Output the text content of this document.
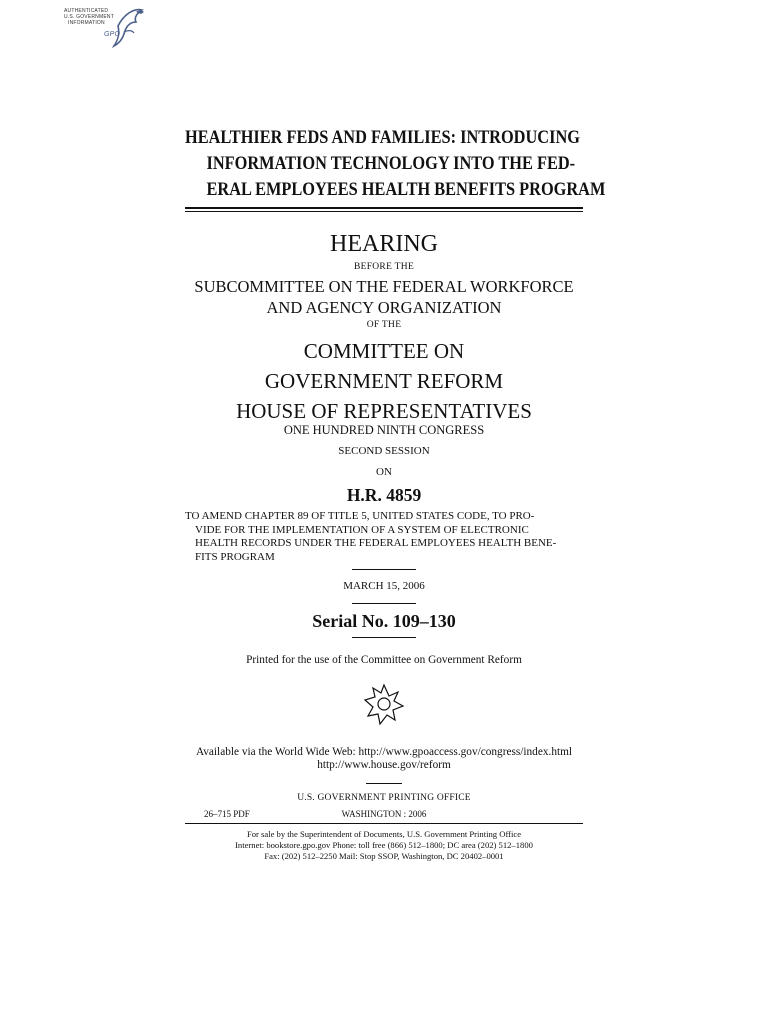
AUTHENTICATED
U.S. GOVERNMENT
INFORMATION
GPO
HEALTHIER FEDS AND FAMILIES: INTRODUCING
INFORMATION TECHNOLOGY INTO THE FED-
ERAL EMPLOYEES HEALTH BENEFITS PROGRAM
HEARING
BEFORE THE
SUBCOMMITTEE ON THE FEDERAL WORKFORCE
AND AGENCY ORGANIZATION
OF THE
COMMITTEE ON
GOVERNMENT REFORM
HOUSE OF REPRESENTATIVES
ONE HUNDRED NINTH CONGRESS
SECOND SESSION
ON
H.R. 4859
TO AMEND CHAPTER 89 OF TITLE 5, UNITED STATES CODE, TO PRO-
VIDE FOR THE IMPLEMENTATION OF A SYSTEM OF ELECTRONIC
HEALTH RECORDS UNDER THE FEDERAL EMPLOYEES HEALTH BENE-
FITS PROGRAM
MARCH 15, 2006
Serial No. 109–130
Printed for the use of the Committee on Government Reform
Available via the World Wide Web: http://www.gpoaccess.gov/congress/index.html
http://www.house.gov/reform
U.S. GOVERNMENT PRINTING OFFICE
26–715 PDF	WASHINGTON : 2006
For sale by the Superintendent of Documents, U.S. Government Printing Office
Internet: bookstore.gpo.gov Phone: toll free (866) 512–1800; DC area (202) 512–1800
Fax: (202) 512–2250 Mail: Stop SSOP, Washington, DC 20402–0001
